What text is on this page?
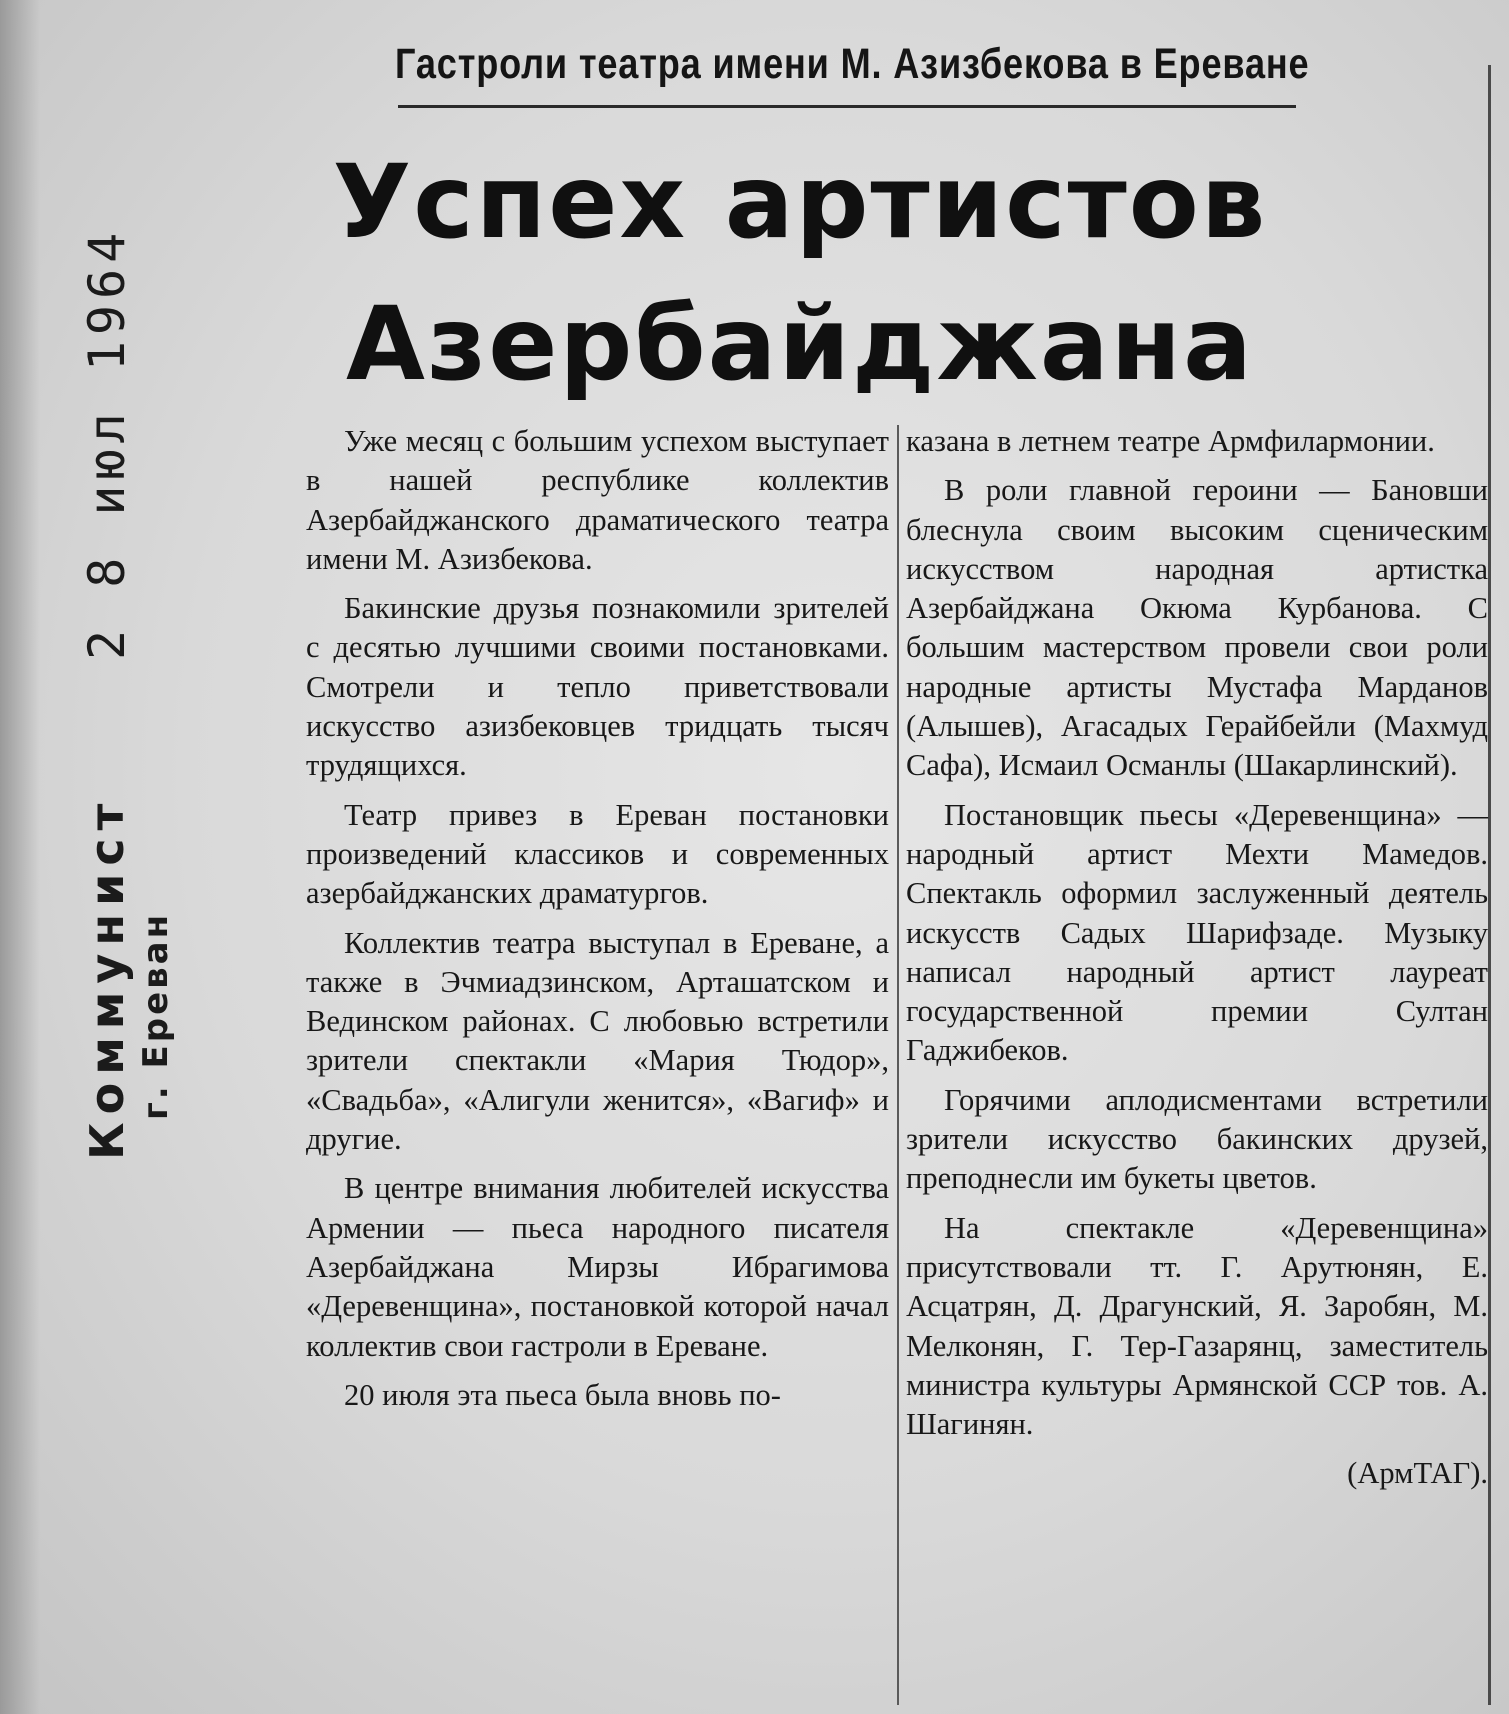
2 8 июл 1964
Коммунист г. Ереван
Гастроли театра имени М. Азизбекова в Ереване
Успех артистов
Азербайджана

Уже месяц с большим успехом выступает в нашей республике коллектив Азербайджанского драматического театра имени М. Азизбекова.

Бакинские друзья познакомили зрителей с десятью лучшими своими постановками. Смотрели и тепло приветствовали искусство азизбековцев тридцать тысяч трудящихся.

Театр привез в Ереван постановки произведений классиков и современных азербайджанских драматургов.

Коллектив театра выступал в Ереване, а также в Эчмиадзинском, Арташатском и Вединском районах. С любовью встретили зрители спектакли «Мария Тюдор», «Свадьба», «Алигули женится», «Вагиф» и другие.

В центре внимания любителей искусства Армении — пьеса народного писателя Азербайджана Мирзы Ибрагимова «Деревенщина», постановкой которой начал коллектив свои гастроли в Ереване.

20 июля эта пьеса была вновь по-

казана в летнем театре Армфилармонии.

В роли главной героини — Бановши блеснула своим высоким сценическим искусством народная артистка Азербайджана Окюма Курбанова. С большим мастерством провели свои роли народные артисты Мустафа Марданов (Алышев), Агасадых Герайбейли (Махмуд Сафа), Исмаил Османлы (Шакарлинский).

Постановщик пьесы «Деревенщина» — народный артист Мехти Мамедов. Спектакль оформил заслуженный деятель искусств Садых Шарифзаде. Музыку написал народный артист лауреат государственной премии Султан Гаджибеков.

Горячими аплодисментами встретили зрители искусство бакинских друзей, преподнесли им букеты цветов.

На спектакле «Деревенщина» присутствовали тт. Г. Арутюнян, Е. Асцатрян, Д. Драгунский, Я. Заробян, М. Мелконян, Г. Тер-Газарянц, заместитель министра культуры Армянской ССР тов. А. Шагинян.

(АрмТАГ).
